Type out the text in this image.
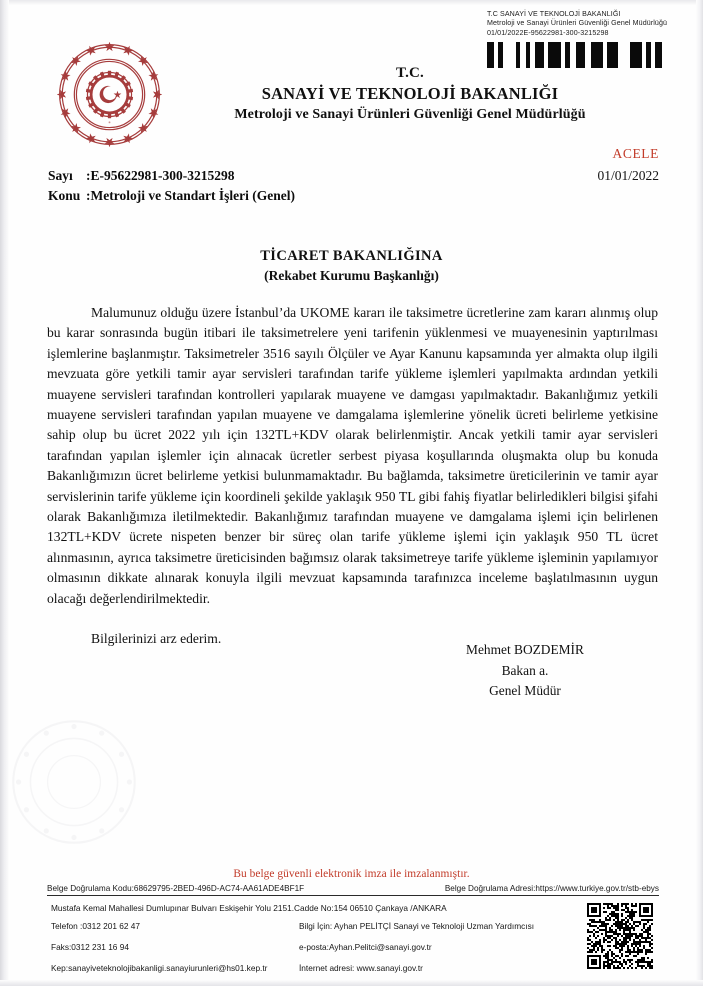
T.C SANAYİ VE TEKNOLOJİ BAKANLIĞI
Metroloji ve Sanayi Ürünleri Güvenliği Genel Müdürlüğü
01/01/2022E-95622981-300-3215298
T.C.
SANAYİ VE TEKNOLOJİ BAKANLIĞI
Metroloji ve Sanayi Ürünleri Güvenliği Genel Müdürlüğü
ACELE
01/01/2022
Sayı :E-95622981-300-3215298
Konu :Metroloji ve Standart İşleri (Genel)
TİCARET BAKANLIĞINA
(Rekabet Kurumu Başkanlığı)

Malumunuz olduğu üzere İstanbul’da UKOME kararı ile taksimetre ücretlerine zam kararı alınmış olup bu karar sonrasında bugün itibari ile taksimetrelere yeni tarifenin yüklenmesi ve muayenesinin yaptırılması işlemlerine başlanmıştır. Taksimetreler 3516 sayılı Ölçüler ve Ayar Kanunu kapsamında yer almakta olup ilgili mevzuata göre yetkili tamir ayar servisleri tarafından tarife yükleme işlemleri yapılmakta ardından yetkili muayene servisleri tarafından kontrolleri yapılarak muayene ve damgası yapılmaktadır. Bakanlığımız yetkili muayene servisleri tarafından yapılan muayene ve damgalama işlemlerine yönelik ücreti belirleme yetkisine sahip olup bu ücret 2022 yılı için 132TL+KDV olarak belirlenmiştir. Ancak yetkili tamir ayar servisleri tarafından yapılan işlemler için alınacak ücretler serbest piyasa koşullarında oluşmakta olup bu konuda Bakanlığımızın ücret belirleme yetkisi bulunmamaktadır. Bu bağlamda, taksimetre üreticilerinin ve tamir ayar servislerinin tarife yükleme için koordineli şekilde yaklaşık 950 TL gibi fahiş fiyatlar belirledikleri bilgisi şifahi olarak Bakanlığımıza iletilmektedir. Bakanlığımız tarafından muayene ve damgalama işlemi için belirlenen 132TL+KDV ücrete nispeten benzer bir süreç olan tarife yükleme işlemi için yaklaşık 950 TL ücret alınmasının, ayrıca taksimetre üreticisinden bağımsız olarak taksimetreye tarife yükleme işleminin yapılamıyor olmasının dikkate alınarak konuyla ilgili mevzuat kapsamında tarafınızca inceleme başlatılmasının uygun olacağı değerlendirilmektedir.

Bilgilerinizi arz ederim.

Mehmet BOZDEMİR
Bakan a.
Genel Müdür
Bu belge güvenli elektronik imza ile imzalanmıştır.
Belge Doğrulama Kodu:68629795-2BED-496D-AC74-AA61ADE4BF1F	Belge Doğrulama Adresi:https://www.turkiye.gov.tr/stb-ebys
Mustafa Kemal Mahallesi Dumlupınar Bulvarı Eskişehir Yolu 2151.Cadde No:154 06510 Çankaya /ANKARA
Telefon :0312 201 62 47
Faks:0312 231 16 94
Kep:sanayiveteknolojibakanligi.sanayiurunleri@hs01.kep.tr
Bilgi İçin: Ayhan PELİTÇİ Sanayi ve Teknoloji Uzman Yardımcısı
e-posta:Ayhan.Pelitci@sanayi.gov.tr
İnternet adresi: www.sanayi.gov.tr
